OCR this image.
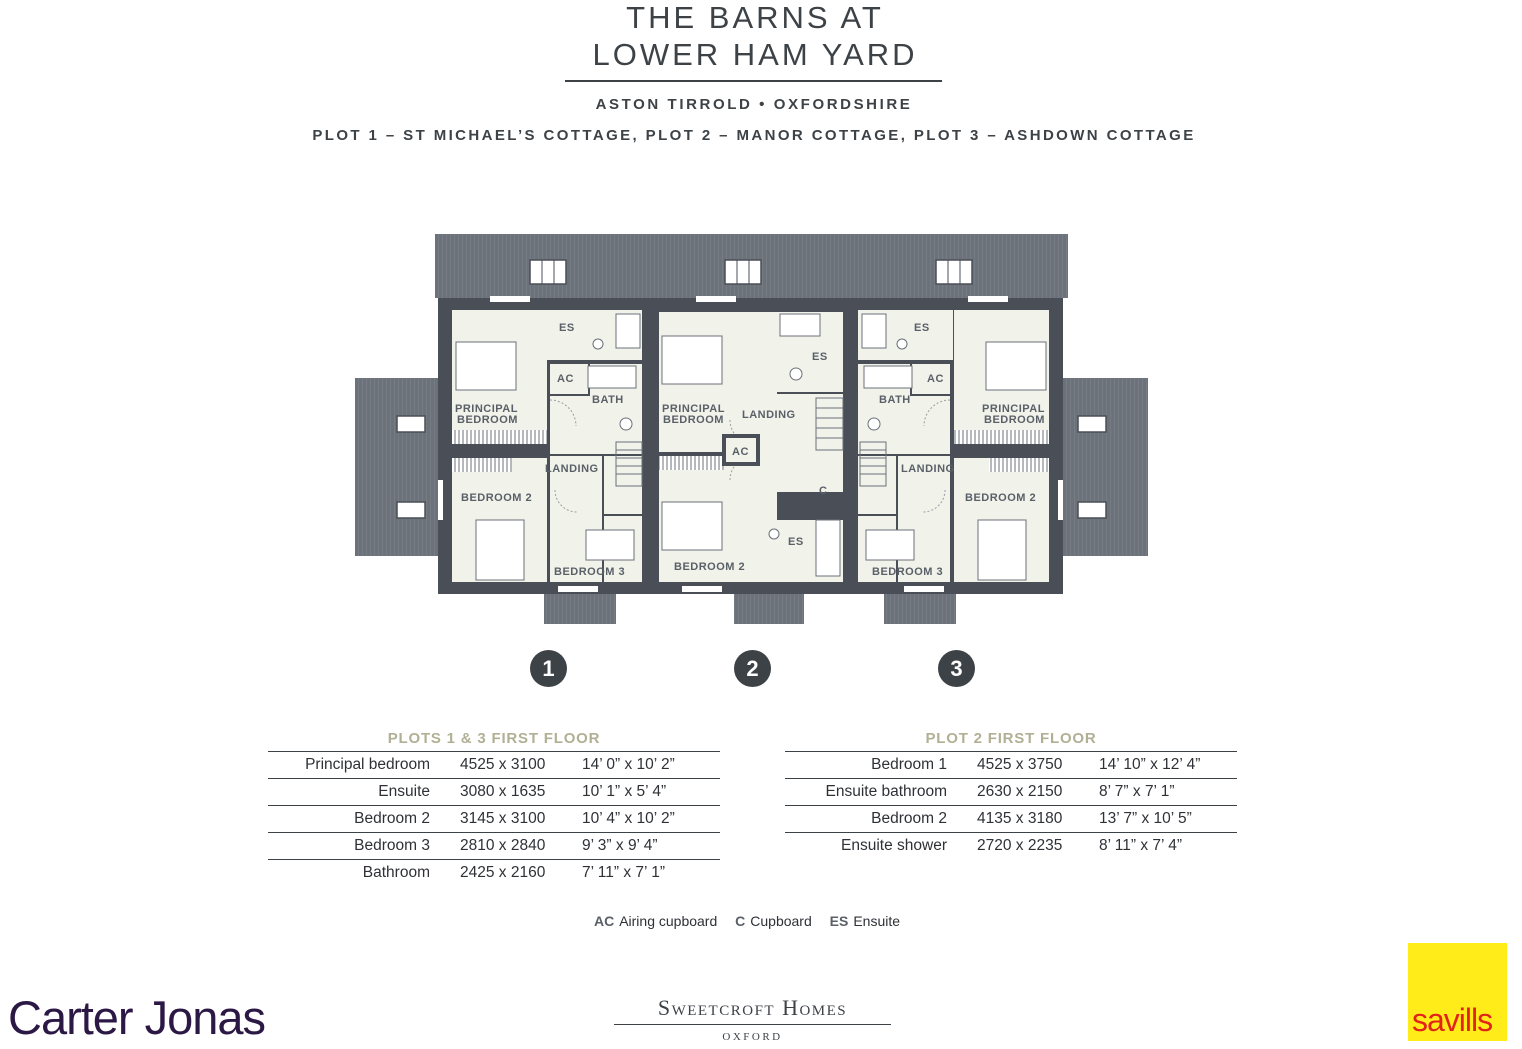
THE BARNS AT
LOWER HAM YARD
ASTON TIRROLD • OXFORDSHIRE
PLOT 1 – ST MICHAEL’S COTTAGE, PLOT 2 – MANOR COTTAGE, PLOT 3 – ASHDOWN COTTAGE
ES
AC
BATH
PRINCIPAL
BEDROOM
LANDING
BEDROOM 2
BEDROOM 3
ES
PRINCIPAL
BEDROOM LANDING
AC
C
ES
BEDROOM 2
ES
AC
BATH
PRINCIPAL
BEDROOM
LANDING
BEDROOM 2
BEDROOM 3
1	2	3
PLOTS 1 & 3 FIRST FLOOR
Principal bedroom	4525 x 3100	14’ 0” x 10’ 2”
Ensuite	3080 x 1635	10’ 1” x 5’ 4”
Bedroom 2	3145 x 3100	10’ 4” x 10’ 2”
Bedroom 3	2810 x 2840	9’ 3” x 9’ 4”
Bathroom	2425 x 2160	7’ 11” x 7’ 1”
PLOT 2 FIRST FLOOR
Bedroom 1	4525 x 3750	14’ 10” x 12’ 4”
Ensuite bathroom	2630 x 2150	8’ 7” x 7’ 1”
Bedroom 2	4135 x 3180	13’ 7” x 10’ 5”
Ensuite shower	2720 x 2235	8’ 11” x 7’ 4”
AC Airing cupboard C Cupboard ES Ensuite
Carter Jonas	Sweetcroft Homes
OXFORD	savills
